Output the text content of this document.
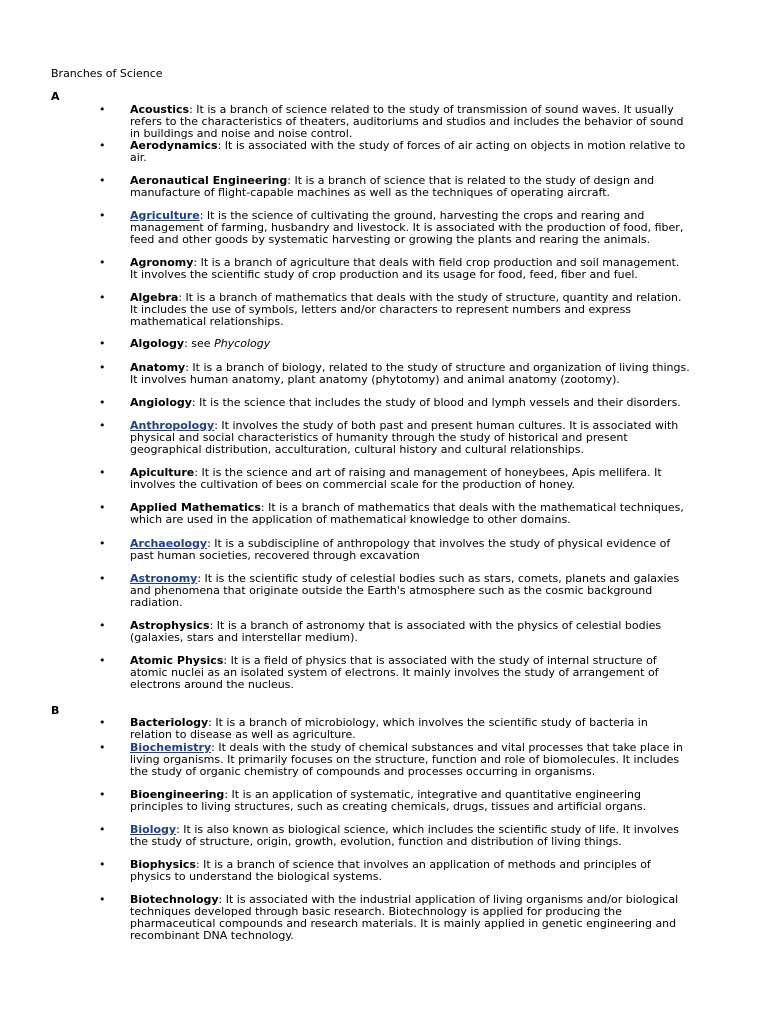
Branches of Science
A
• Acoustics: It is a branch of science related to the study of transmission of sound waves. It usually refers to the characteristics of theaters, auditoriums and studios and includes the behavior of sound in buildings and noise and noise control.
• Aerodynamics: It is associated with the study of forces of air acting on objects in motion relative to air.
• Aeronautical Engineering: It is a branch of science that is related to the study of design and manufacture of flight-capable machines as well as the techniques of operating aircraft.
• Agriculture: It is the science of cultivating the ground, harvesting the crops and rearing and management of farming, husbandry and livestock. It is associated with the production of food, fiber, feed and other goods by systematic harvesting or growing the plants and rearing the animals.
• Agronomy: It is a branch of agriculture that deals with field crop production and soil management. It involves the scientific study of crop production and its usage for food, feed, fiber and fuel.
• Algebra: It is a branch of mathematics that deals with the study of structure, quantity and relation. It includes the use of symbols, letters and/or characters to represent numbers and express mathematical relationships.
• Algology: see Phycology
• Anatomy: It is a branch of biology, related to the study of structure and organization of living things. It involves human anatomy, plant anatomy (phytotomy) and animal anatomy (zootomy).
• Angiology: It is the science that includes the study of blood and lymph vessels and their disorders.
• Anthropology: It involves the study of both past and present human cultures. It is associated with physical and social characteristics of humanity through the study of historical and present geographical distribution, acculturation, cultural history and cultural relationships.
• Apiculture: It is the science and art of raising and management of honeybees, Apis mellifera. It involves the cultivation of bees on commercial scale for the production of honey.
• Applied Mathematics: It is a branch of mathematics that deals with the mathematical techniques, which are used in the application of mathematical knowledge to other domains.
• Archaeology: It is a subdiscipline of anthropology that involves the study of physical evidence of past human societies, recovered through excavation
• Astronomy: It is the scientific study of celestial bodies such as stars, comets, planets and galaxies and phenomena that originate outside the Earth's atmosphere such as the cosmic background radiation.
• Astrophysics: It is a branch of astronomy that is associated with the physics of celestial bodies (galaxies, stars and interstellar medium).
• Atomic Physics: It is a field of physics that is associated with the study of internal structure of atomic nuclei as an isolated system of electrons. It mainly involves the study of arrangement of electrons around the nucleus.
B
• Bacteriology: It is a branch of microbiology, which involves the scientific study of bacteria in relation to disease as well as agriculture.
• Biochemistry: It deals with the study of chemical substances and vital processes that take place in living organisms. It primarily focuses on the structure, function and role of biomolecules. It includes the study of organic chemistry of compounds and processes occurring in organisms.
• Bioengineering: It is an application of systematic, integrative and quantitative engineering principles to living structures, such as creating chemicals, drugs, tissues and artificial organs.
• Biology: It is also known as biological science, which includes the scientific study of life. It involves the study of structure, origin, growth, evolution, function and distribution of living things.
• Biophysics: It is a branch of science that involves an application of methods and principles of physics to understand the biological systems.
• Biotechnology: It is associated with the industrial application of living organisms and/or biological techniques developed through basic research. Biotechnology is applied for producing the pharmaceutical compounds and research materials. It is mainly applied in genetic engineering and recombinant DNA technology.
